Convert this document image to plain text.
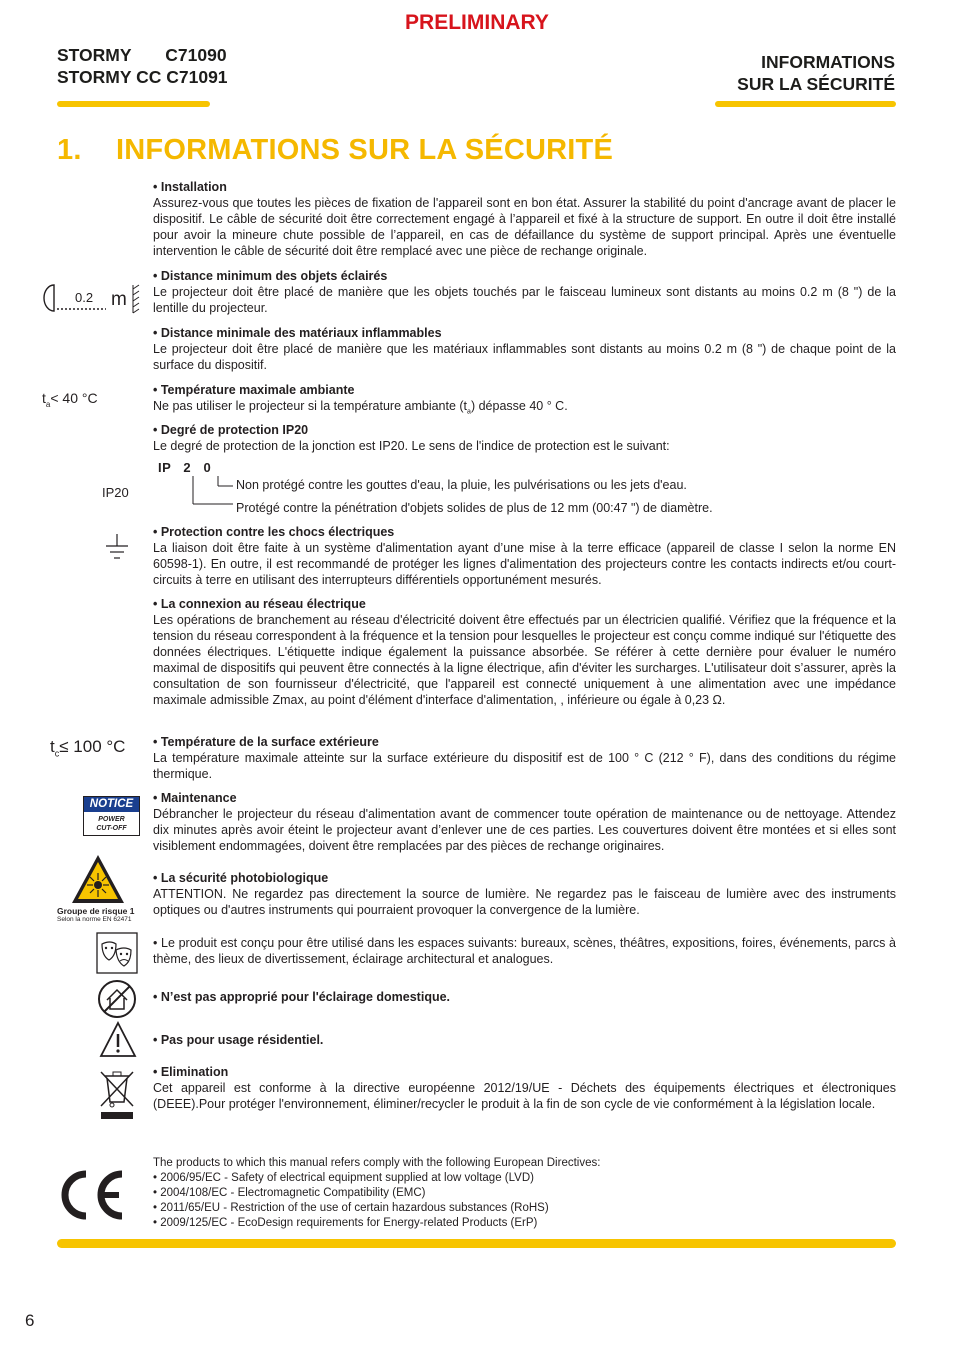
PRELIMINARY
STORMY       C71090
STORMY CC C71091
INFORMATIONS
SUR LA SÉCURITÉ
1. INFORMATIONS SUR LA SÉCURITÉ
0.2 m
$t_a< 40$ °C
IP20
$t_c\le 100$ °C
NOTICE
POWER
CUT-OFF
Groupe de risque 1
Selon la norme EN 62471
• Installation

Assurez-vous que toutes les pièces de fixation de l'appareil sont en bon état. Assurer la stabilité du point d'ancrage avant de placer le dispositif. Le câble de sécurité doit être correctement engagé à l’appareil et fixé à la structure de support. En outre il doit être installé pour avoir la mineure chute possible de l’appareil, en cas de défaillance du système de support principal. Après une éventuelle intervention le câble de sécurité doit être remplacé avec une pièce de rechange originale.

• Distance minimum des objets éclairés

Le projecteur doit être placé de manière que les objets touchés par le faisceau lumineux sont distants au moins 0.2 m (8 ") de la lentille du projecteur.

• Distance minimale des matériaux inflammables

Le projecteur doit être placé de manière que les matériaux inflammables sont distants au moins 0.2 m (8 ") de chaque point de la surface du dispositif.

• Température maximale ambiante

Ne pas utiliser le projecteur si la température ambiante $(t_a)$ dépasse 40 ° C.

• Degré de protection IP20

Le degré de protection de la jonction est IP20. Le sens de l'indice de protection est le suivant:

IP   2   0
Non protégé contre les gouttes d'eau, la pluie, les pulvérisations ou les jets d'eau.
Protégé contre la pénétration d'objets solides de plus de 12 mm (00:47 ") de diamètre.
• Protection contre les chocs électriques

La liaison doit être faite à un système d'alimentation ayant d’une mise à la terre efficace (appareil de classe I selon la norme EN 60598-1). En outre, il est recommandé de protéger les lignes d'alimentation des projecteurs contre les contacts indirects et/ou court-circuits à terre en utilisant des interrupteurs différentiels opportunément mesurés.

• La connexion au réseau électrique

Les opérations de branchement au réseau d'électricité doivent être effectués par un électricien qualifié. Vérifiez que la fréquence et la tension du réseau correspondent à la fréquence et la tension pour lesquelles le projecteur est conçu comme indiqué sur l'étiquette des données électriques. L'étiquette indique également la puissance absorbée. Se référer à cette dernière pour évaluer le numéro maximal de dispositifs qui peuvent être connectés à la ligne électrique, afin d'éviter les surcharges. L'utilisateur doit s’assurer, après la consultation de son fournisseur d'électricité, que l'appareil est connecté uniquement à une alimentation avec une impédance maximale admissible Zmax, au point d'élément d'interface d'alimentation, , inférieure ou égale à 0,23 Ω.

• Température de la surface extérieure

La température maximale atteinte sur la surface extérieure du dispositif est de 100 ° C (212 ° F), dans des conditions du régime thermique.

• Maintenance

Débrancher le projecteur du réseau d'alimentation avant de commencer toute opération de maintenance ou de nettoyage. Attendez dix minutes après avoir éteint le projecteur avant d’enlever une de ces parties. Les couvertures doivent être montées et si elles sont visiblement endommagées, doivent être remplacées par des pièces de rechange originaires.

• La sécurité photobiologique

ATTENTION. Ne regardez pas directement la source de lumière. Ne regardez pas le faisceau de lumière avec des instruments optiques ou d'autres instruments qui pourraient provoquer la convergence de la lumière.

• Le produit est conçu pour être utilisé dans les espaces suivants: bureaux, scènes, théâtres, expositions, foires, événements, parcs à thème, des lieux de divertissement, éclairage architectural et analogues.

• N’est pas approprié pour l'éclairage domestique.
• Pas pour usage résidentiel.
• Elimination

Cet appareil est conforme à la directive européenne 2012/19/UE - Déchets des équipements électriques et électroniques (DEEE).Pour protéger l'environnement, éliminer/recycler le produit à la fin de son cycle de vie conformément à la législation locale.

The products to which this manual refers comply with the following European Directives:
• 2006/95/EC - Safety of electrical equipment supplied at low voltage (LVD)
• 2004/108/EC - Electromagnetic Compatibility (EMC)
• 2011/65/EU - Restriction of the use of certain hazardous substances (RoHS)
• 2009/125/EC - EcoDesign requirements for Energy-related Products (ErP)
6
